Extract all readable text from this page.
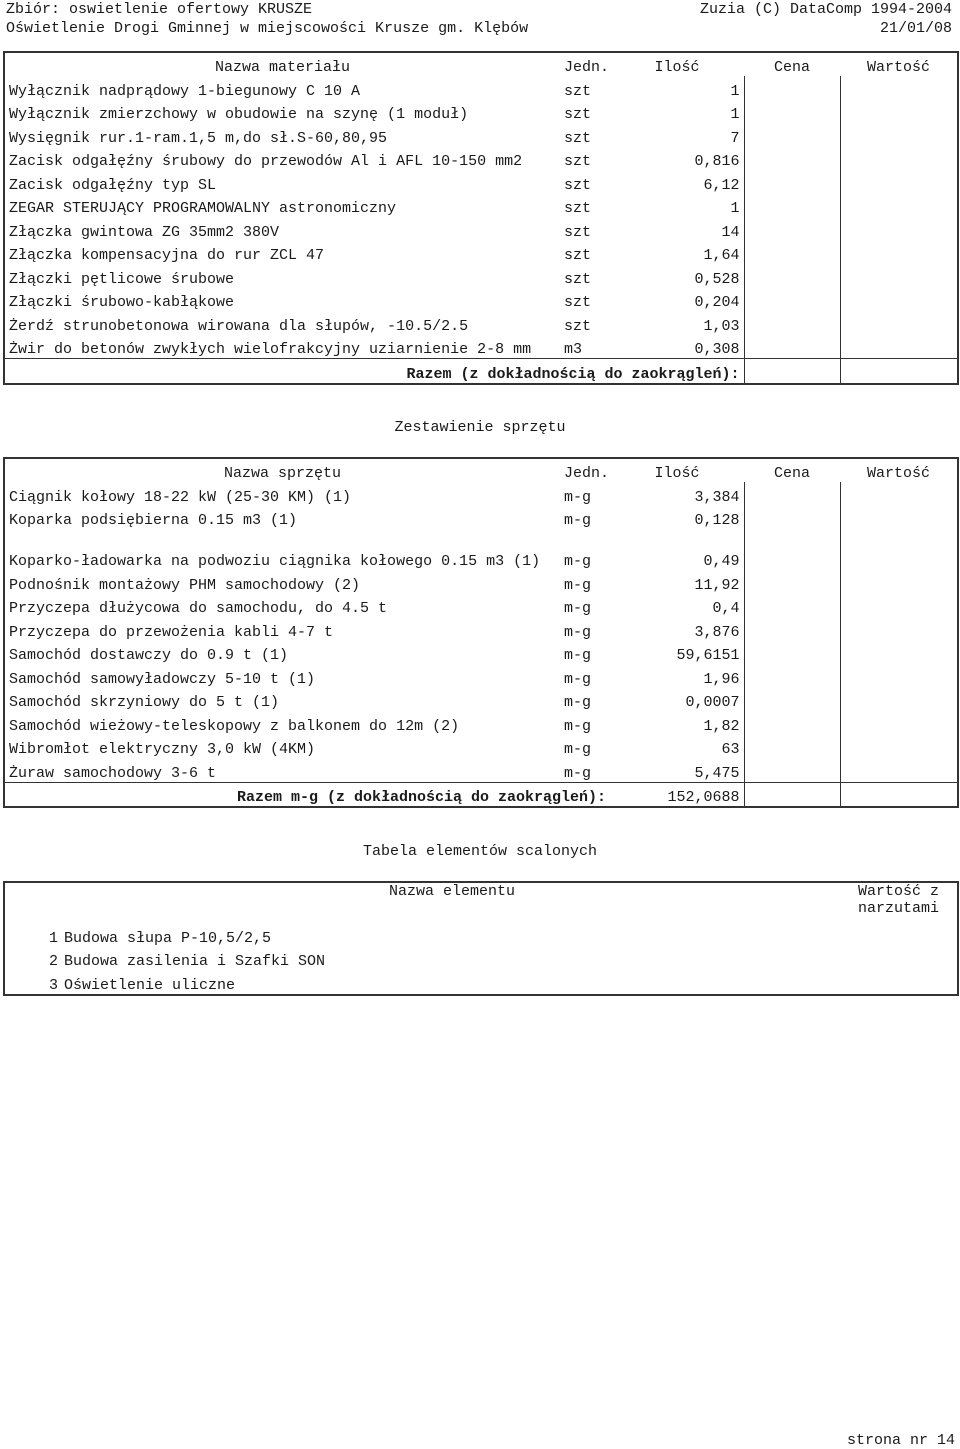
Zbiór: oswietlenie ofertowy KRUSZE	Zuzia (C) DataComp 1994-2004
Oświetlenie Drogi Gminnej w miejscowości Krusze gm. Klębów	21/01/08
Nazwa materiału	Jedn.	Ilość	Cena	Wartość
Wyłącznik nadprądowy 1-biegunowy C 10 A	szt	1		
Wyłącznik zmierzchowy w obudowie na szynę (1 moduł)	szt	1		
Wysięgnik rur.1-ram.1,5 m,do sł.S-60,80,95	szt	7		
Zacisk odgałęźny śrubowy do przewodów Al i AFL 10-150 mm2	szt	0,816		
Zacisk odgałęźny typ SL	szt	6,12		
ZEGAR STERUJĄCY PROGRAMOWALNY astronomiczny	szt	1		
Złączka gwintowa ZG 35mm2 380V	szt	14		
Złączka kompensacyjna do rur ZCL 47	szt	1,64		
Złączki pętlicowe śrubowe	szt	0,528		
Złączki śrubowo-kabłąkowe	szt	0,204		
Żerdź strunobetonowa wirowana dla słupów, -10.5/2.5	szt	1,03		
Żwir do betonów zwykłych wielofrakcyjny uziarnienie 2-8 mm	m3	0,308		
Razem (z dokładnością do zaokrągleń):				
Zestawienie sprzętu
Nazwa sprzętu	Jedn.	Ilość	Cena	Wartość
Ciągnik kołowy 18-22 kW (25-30 KM) (1)	m-g	3,384		
Koparka podsiębierna 0.15 m3 (1)	m-g	0,128		
Koparko-ładowarka na podwoziu ciągnika kołowego 0.15 m3 (1)	m-g	0,49		
Podnośnik montażowy PHM samochodowy (2)	m-g	11,92		
Przyczepa dłużycowa do samochodu, do 4.5 t	m-g	0,4		
Przyczepa do przewożenia kabli 4-7 t	m-g	3,876		
Samochód dostawczy do 0.9 t (1)	m-g	59,6151		
Samochód samowyładowczy 5-10 t (1)	m-g	1,96		
Samochód skrzyniowy do 5 t (1)	m-g	0,0007		
Samochód wieżowy-teleskopowy z balkonem do 12m (2)	m-g	1,82		
Wibromłot elektryczny 3,0 kW (4KM)	m-g	63		
Żuraw samochodowy 3-6 t	m-g	5,475		
Razem m-g (z dokładnością do zaokrągleń):		152,0688		
Tabela elementów scalonych
	Nazwa elementu	Wartość z narzutami
1	Budowa słupa P-10,5/2,5	
2	Budowa zasilenia i Szafki SON	
3	Oświetlenie uliczne	
strona nr 14
